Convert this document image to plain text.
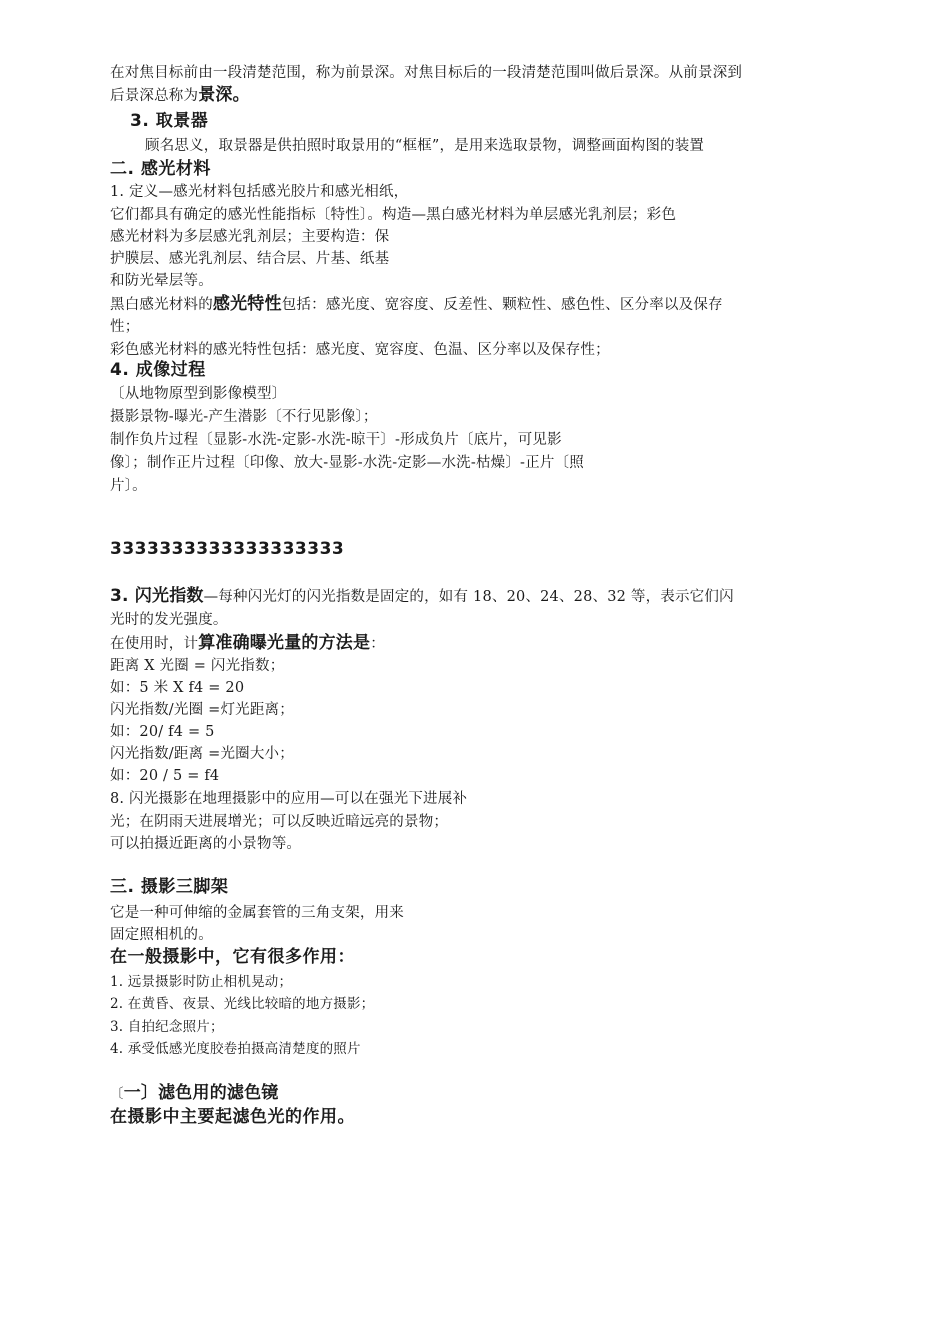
在对焦目标前由一段清楚范围，称为前景深。对焦目标后的一段清楚范围叫做后景深。从前景深到
后景深总称为景深。
3. 取景器
顾名思义，取景器是供拍照时取景用的“框框”，是用来选取景物，调整画面构图的装置
二. 感光材料
1. 定义—感光材料包括感光胶片和感光相纸，
它们都具有确定的感光性能指标〔特性〕。构造—黑白感光材料为单层感光乳剂层；彩色
感光材料为多层感光乳剂层；主要构造：保
护膜层、感光乳剂层、结合层、片基、纸基
和防光晕层等。
黑白感光材料的感光特性包括：感光度、宽容度、反差性、颗粒性、感色性、区分率以及保存
性；
彩色感光材料的感光特性包括：感光度、宽容度、色温、区分率以及保存性；
4. 成像过程
〔从地物原型到影像模型〕
摄影景物-曝光-产生潜影〔不行见影像〕；
制作负片过程〔显影-水洗-定影-水洗-晾干〕-形成负片〔底片，可见影
像〕；制作正片过程〔印像、放大-显影-水洗-定影—水洗-枯燥〕-正片〔照
片〕。
3333333333333333333
3. 闪光指数—每种闪光灯的闪光指数是固定的，如有 18、20、24、28、32 等，表示它们闪
光时的发光强度。
在使用时，计算准确曝光量的方法是：
距离 X 光圈 = 闪光指数；
如：5 米 X f4 = 20
闪光指数/光圈 =灯光距离；
如：20/ f4 = 5
闪光指数/距离 =光圈大小；
如：20 / 5 = f4
8. 闪光摄影在地理摄影中的应用—可以在强光下进展补
光；在阴雨天进展增光；可以反映近暗远亮的景物；
可以拍摄近距离的小景物等。
三. 摄影三脚架
它是一种可伸缩的金属套管的三角支架，用来
固定照相机的。
在一般摄影中，它有很多作用：
1. 远景摄影时防止相机晃动；
2. 在黄昏、夜景、光线比较暗的地方摄影；
3. 自拍纪念照片；
4. 承受低感光度胶卷拍摄高清楚度的照片
〔一〕滤色用的滤色镜
在摄影中主要起滤色光的作用。
